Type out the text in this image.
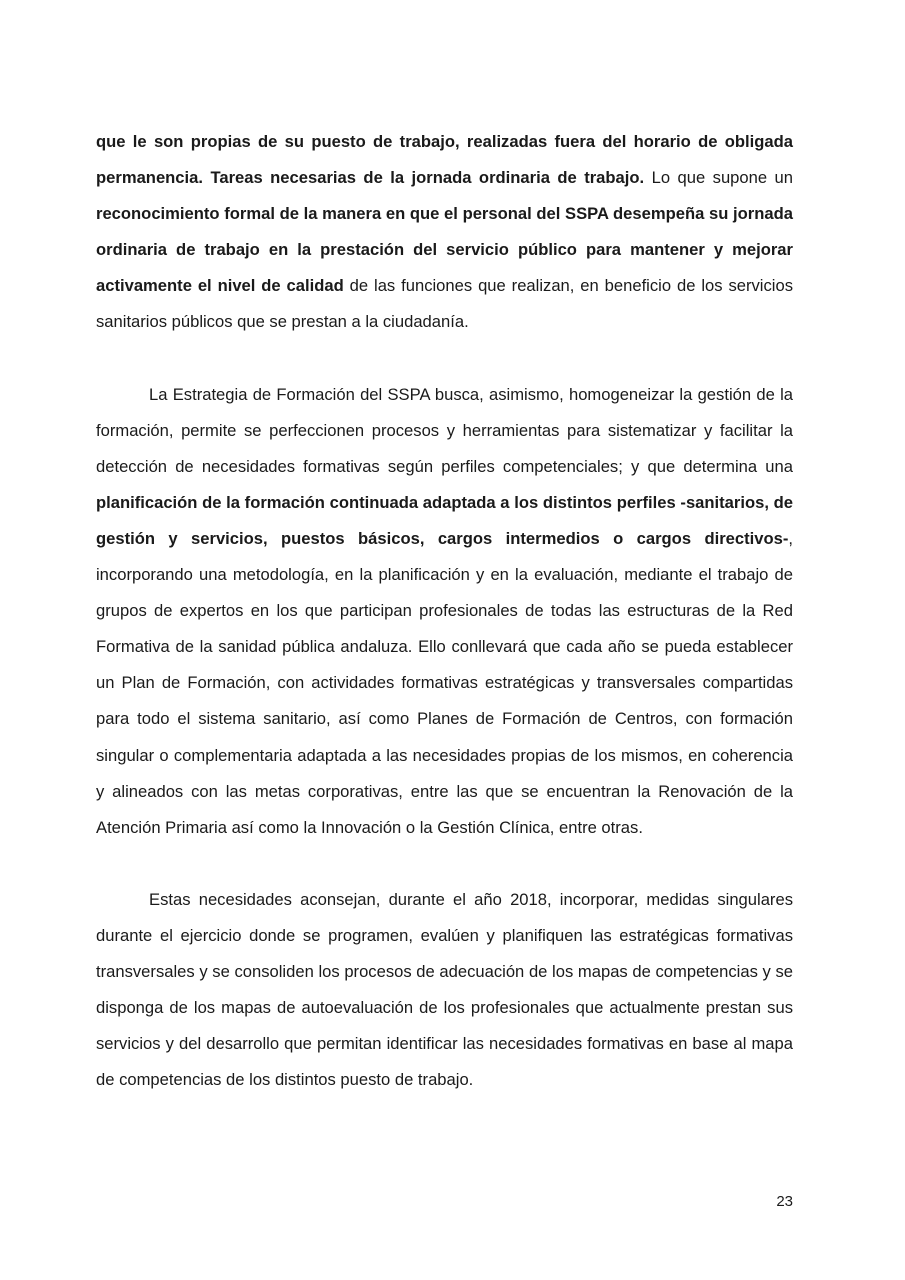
que le son propias de su puesto de trabajo, realizadas fuera del horario de obligada permanencia. Tareas necesarias de la jornada ordinaria de trabajo. Lo que supone un reconocimiento formal de la manera en que el personal del SSPA desempeña su jornada ordinaria de trabajo en la prestación del servicio público para mantener y mejorar activamente el nivel de calidad de las funciones que realizan, en beneficio de los servicios sanitarios públicos que se prestan a la ciudadanía.

La Estrategia de Formación del SSPA busca, asimismo, homogeneizar la gestión de la formación, permite se perfeccionen procesos y herramientas para sistematizar y facilitar la detección de necesidades formativas según perfiles competenciales; y que determina una planificación de la formación continuada adaptada a los distintos perfiles -sanitarios, de gestión y servicios, puestos básicos, cargos intermedios o cargos directivos-, incorporando una metodología, en la planificación y en la evaluación, mediante el trabajo de grupos de expertos en los que participan profesionales de todas las estructuras de la Red Formativa de la sanidad pública andaluza. Ello conllevará que cada año se pueda establecer un Plan de Formación, con actividades formativas estratégicas y transversales compartidas para todo el sistema sanitario, así como Planes de Formación de Centros, con formación singular o complementaria adaptada a las necesidades propias de los mismos, en coherencia y alineados con las metas corporativas, entre las que se encuentran la Renovación de la Atención Primaria así como la Innovación o la Gestión Clínica, entre otras.

Estas necesidades aconsejan, durante el año 2018, incorporar, medidas singulares durante el ejercicio donde se programen, evalúen y planifiquen las estratégicas formativas transversales y se consoliden los procesos de adecuación de los mapas de competencias y se disponga de los mapas de autoevaluación de los profesionales que actualmente prestan sus servicios y del desarrollo que permitan identificar las necesidades formativas en base al mapa de competencias de los distintos puesto de trabajo.

23
